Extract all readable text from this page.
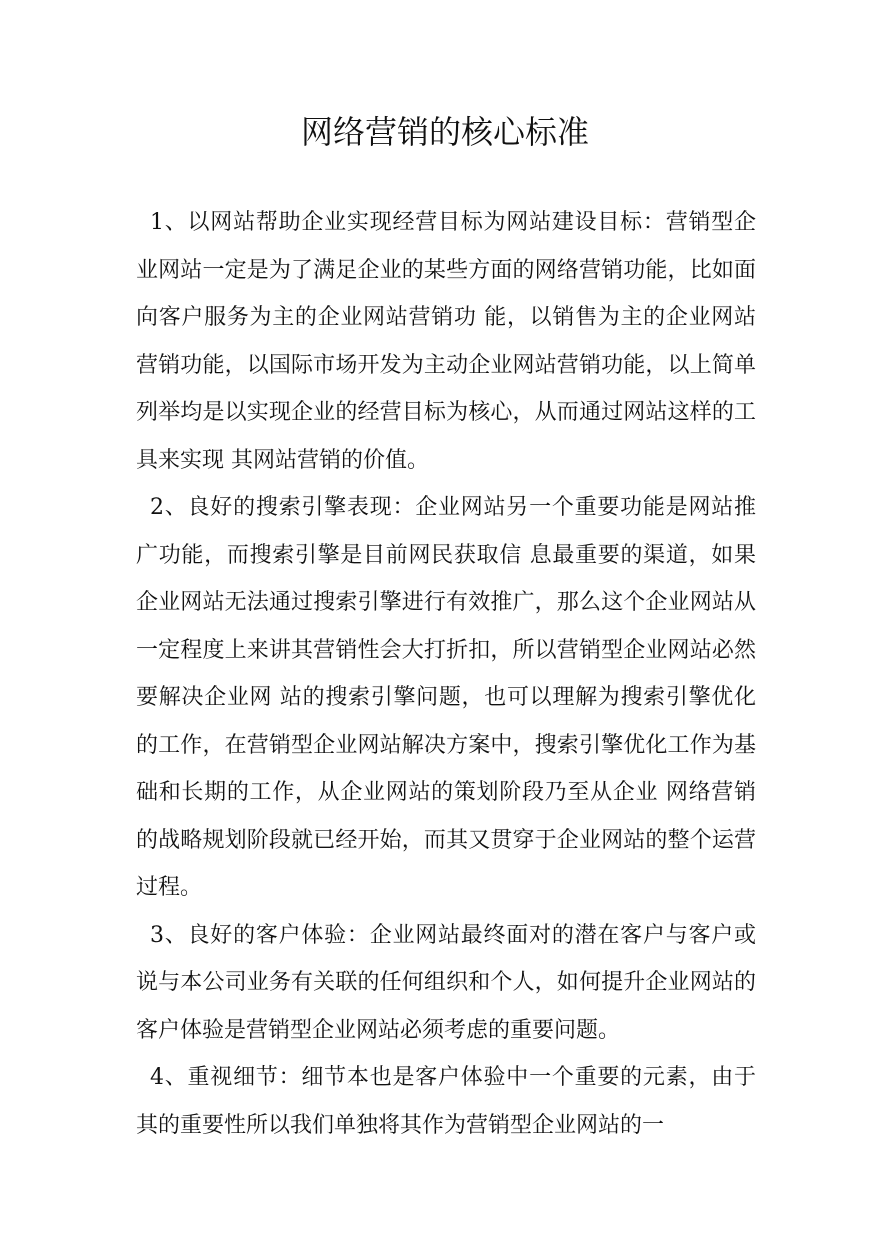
网络营销的核心标准

1、以网站帮助企业实现经营目标为网站建设目标：营销型企业网站一定是为了满足企业的某些方面的网络营销功能，比如面向客户服务为主的企业网站营销功 能，以销售为主的企业网站营销功能，以国际市场开发为主动企业网站营销功能，以上简单列举均是以实现企业的经营目标为核心，从而通过网站这样的工具来实现 其网站营销的价值。

2、良好的搜索引擎表现：企业网站另一个重要功能是网站推广功能，而搜索引擎是目前网民获取信 息最重要的渠道，如果企业网站无法通过搜索引擎进行有效推广，那么这个企业网站从一定程度上来讲其营销性会大打折扣，所以营销型企业网站必然要解决企业网 站的搜索引擎问题，也可以理解为搜索引擎优化的工作，在营销型企业网站解决方案中，搜索引擎优化工作为基础和长期的工作，从企业网站的策划阶段乃至从企业 网络营销的战略规划阶段就已经开始，而其又贯穿于企业网站的整个运营过程。

3、良好的客户体验：企业网站最终面对的潜在客户与客户或说与本公司业务有关联的任何组织和个人，如何提升企业网站的客户体验是营销型企业网站必须考虑的重要问题。

4、重视细节：细节本也是客户体验中一个重要的元素，由于其的重要性所以我们单独将其作为营销型企业网站的一
